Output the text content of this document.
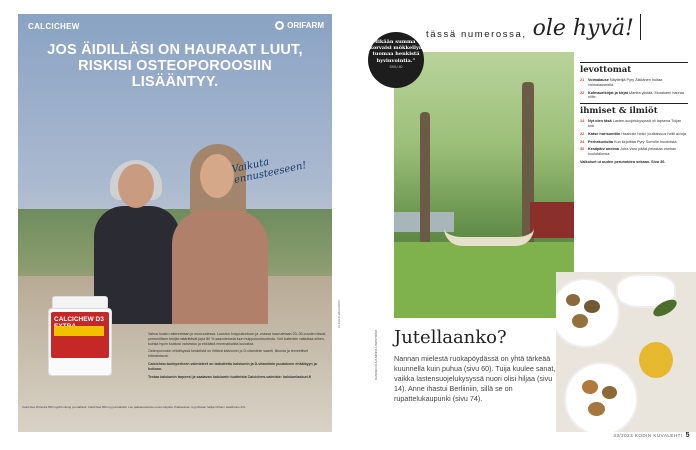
CALCICHEW	ORIFARM
JOS ÄIDILLÄSI ON HAURAAT LUUT, RISKISI OSTEOPOROOSIIN LISÄÄNTYY.
Vaikuta ennusteeseen!
CALCICHEW D3

Vahva luusto rakennetaan jo nuoruudessa. Luuston huippukuntoon ja -massa saavutetaan 20–30-vuoden iässä, perinnöllisen tekijät määrittävät jopa 80 % saavutetusta luun huippukuntoudesta. Voit kuitenkin vaikuttaa siihen, kuinka hyvin luustosi vahvistuu ja ehkäistä ennenaikaista luukatoa.

Osteoporoosin ehkäisyssä keskeistä on riittävä kalsiumin ja D-vitamiinin saanti, liikunta ja terveelliset elämäntavat.

Calcichew-tuoteperheen valmisteet on tarkoitettu kalsiumin ja D-vitamiinin puutoksen ehkäisyyn ja hoitoon.

Testaa kalsiumin tarpeesi ja saatavan kalsiumin tuotteista Calcichew-valmiste: kalsiumlaskuri.fi

Calcichew D3 Extra 500 mg/20 mikrog purutabletti. Calcichew 500 mg purutabletti. Lue pakkausseloste ennen käyttöä. Pakkauksen myyntiluvan haltija Orifarm Healthcare A/S.
FI-CALC-2023-00XX
KANNEN KUVA MINNA LINDSTRÖM
tässä numerossa, ole hyvä!
”Mikään summa ei korvaisi mökkeilyn tuomaa henkistä hyvinvointia.”
SIVU 40	levottomat
21 Voimalause Näyttelijä Pyry Äikkänen hoitaa voimalauseella.
22 Kulmaurikirjat ja kirjat Mantta ylistää. Murakami nauraa niille.
ihmiset & ilmiöt
14 Nyt olen täsä Lasten-suojelukysyssä oli lapsena Tuijan koti.
22 Katse horisonttiin Haahuile hetki: joutilaisuus hellii aivoja.
24 Perhekuvioita Kun kirjoittaa Pyry Sonville huudoista.
30 Kesäpäiv unelma Juha Varo pääsi pelastaa vanhan koulutalonsa.
Valkoiset ui uuden perunoiden sekaan. Sivu 36.
Jutellaanko?
Nannan mielestä ruokapöydässä on yhtä tärkeää kuunnella kuin puhua (sivu 60). Tuija kuulee sanat, vaikka lastensuojelukysyssä nuori olisi hiljaa (sivu 14). Anne ihastui Berliiniin, sillä se on rupattelukaupunki (sivu 74).
33/2023 KODIN KUVALEHTI 5
